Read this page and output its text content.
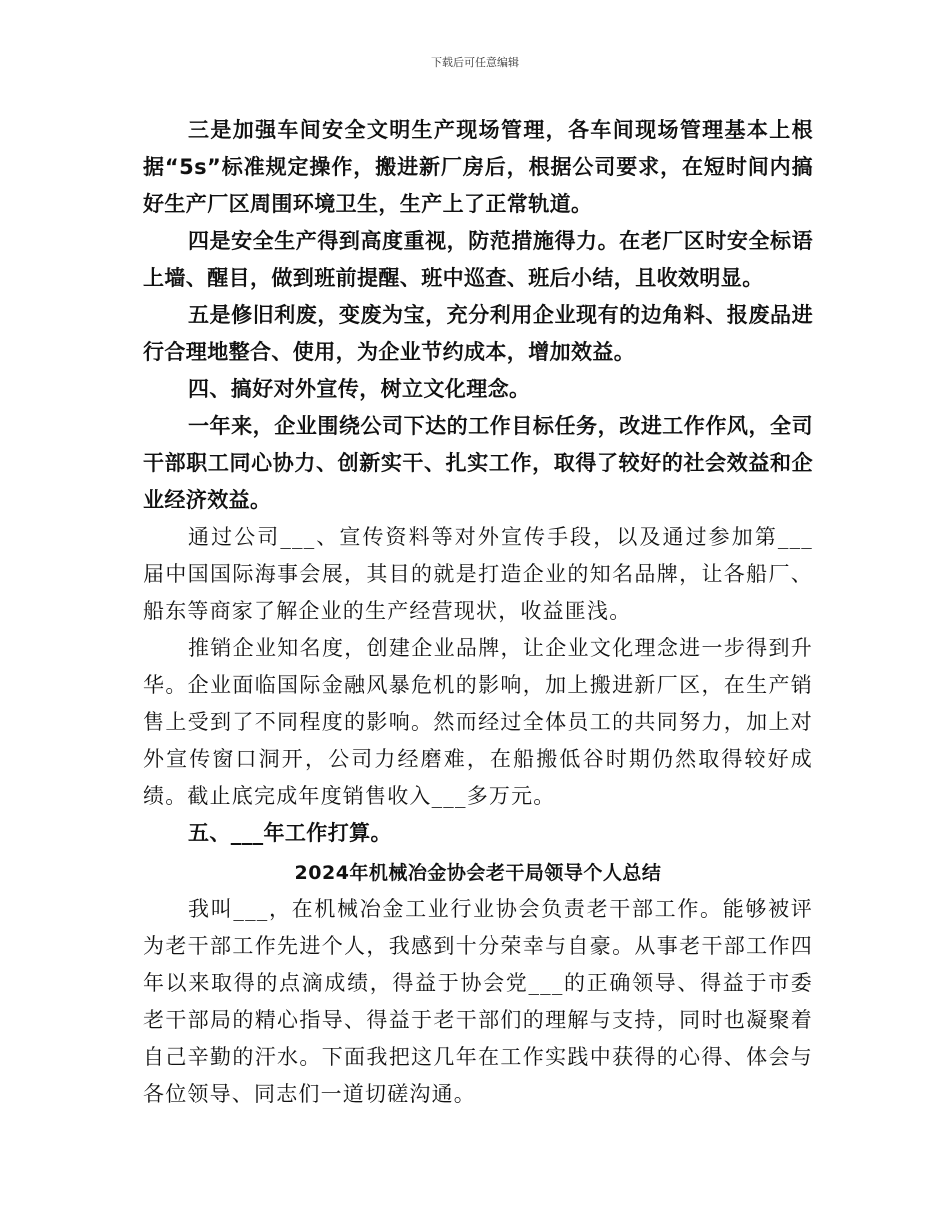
下载后可任意编辑

三是加强车间安全文明生产现场管理，各车间现场管理基本上根据“5s”标准规定操作，搬进新厂房后，根据公司要求，在短时间内搞好生产厂区周围环境卫生，生产上了正常轨道。

四是安全生产得到高度重视，防范措施得力。在老厂区时安全标语上墙、醒目，做到班前提醒、班中巡查、班后小结，且收效明显。

五是修旧利废，变废为宝，充分利用企业现有的边角料、报废品进行合理地整合、使用，为企业节约成本，增加效益。

四、搞好对外宣传，树立文化理念。

一年来，企业围绕公司下达的工作目标任务，改进工作作风，全司干部职工同心协力、创新实干、扎实工作，取得了较好的社会效益和企业经济效益。

通过公司___、宣传资料等对外宣传手段，以及通过参加第___届中国国际海事会展，其目的就是打造企业的知名品牌，让各船厂、船东等商家了解企业的生产经营现状，收益匪浅。

推销企业知名度，创建企业品牌，让企业文化理念进一步得到升华。企业面临国际金融风暴危机的影响，加上搬进新厂区，在生产销售上受到了不同程度的影响。然而经过全体员工的共同努力，加上对外宣传窗口洞开，公司力经磨难，在船搬低谷时期仍然取得较好成绩。截止底完成年度销售收入___多万元。

五、___年工作打算。

2024年机械冶金协会老干局领导个人总结

我叫___，在机械冶金工业行业协会负责老干部工作。能够被评为老干部工作先进个人，我感到十分荣幸与自豪。从事老干部工作四年以来取得的点滴成绩，得益于协会党___的正确领导、得益于市委老干部局的精心指导、得益于老干部们的理解与支持，同时也凝聚着自己辛勤的汗水。下面我把这几年在工作实践中获得的心得、体会与各位领导、同志们一道切磋沟通。
